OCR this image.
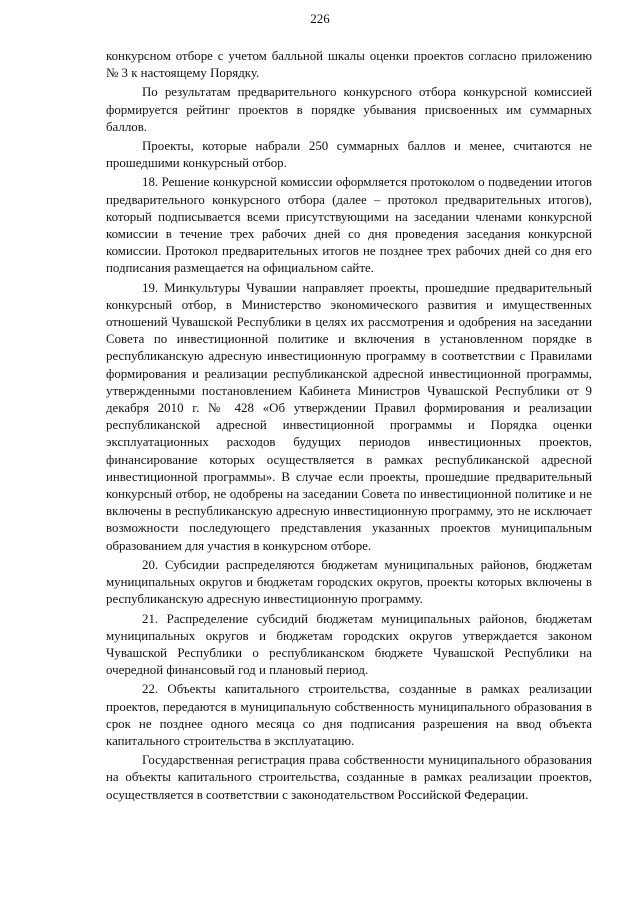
226

конкурсном отборе с учетом балльной шкалы оценки проектов согласно приложению № 3 к настоящему Порядку.

По результатам предварительного конкурсного отбора конкурсной комиссией формируется рейтинг проектов в порядке убывания присвоенных им суммарных баллов.

Проекты, которые набрали 250 суммарных баллов и менее, считаются не прошедшими конкурсный отбор.

18. Решение конкурсной комиссии оформляется протоколом о подведении итогов предварительного конкурсного отбора (далее – протокол предварительных итогов), который подписывается всеми присутствующими на заседании членами конкурсной комиссии в течение трех рабочих дней со дня проведения заседания конкурсной комиссии. Протокол предварительных итогов не позднее трех рабочих дней со дня его подписания размещается на официальном сайте.

19. Минкультуры Чувашии направляет проекты, прошедшие предварительный конкурсный отбор, в Министерство экономического развития и имущественных отношений Чувашской Республики в целях их рассмотрения и одобрения на заседании Совета по инвестиционной политике и включения в установленном порядке в республиканскую адресную инвестиционную программу в соответствии с Правилами формирования и реализации республиканской адресной инвестиционной программы, утвержденными постановлением Кабинета Министров Чувашской Республики от 9 декабря 2010 г. № 428 «Об утверждении Правил формирования и реализации республиканской адресной инвестиционной программы и Порядка оценки эксплуатационных расходов будущих периодов инвестиционных проектов, финансирование которых осуществляется в рамках республиканской адресной инвестиционной программы». В случае если проекты, прошедшие предварительный конкурсный отбор, не одобрены на заседании Совета по инвестиционной политике и не включены в республиканскую адресную инвестиционную программу, это не исключает возможности последующего представления указанных проектов муниципальным образованием для участия в конкурсном отборе.

20. Субсидии распределяются бюджетам муниципальных районов, бюджетам муниципальных округов и бюджетам городских округов, проекты которых включены в республиканскую адресную инвестиционную программу.

21. Распределение субсидий бюджетам муниципальных районов, бюджетам муниципальных округов и бюджетам городских округов утверждается законом Чувашской Республики о республиканском бюджете Чувашской Республики на очередной финансовый год и плановый период.

22. Объекты капитального строительства, созданные в рамках реализации проектов, передаются в муниципальную собственность муниципального образования в срок не позднее одного месяца со дня подписания разрешения на ввод объекта капитального строительства в эксплуатацию.

Государственная регистрация права собственности муниципального образования на объекты капитального строительства, созданные в рамках реализации проектов, осуществляется в соответствии с законодательством Российской Федерации.
